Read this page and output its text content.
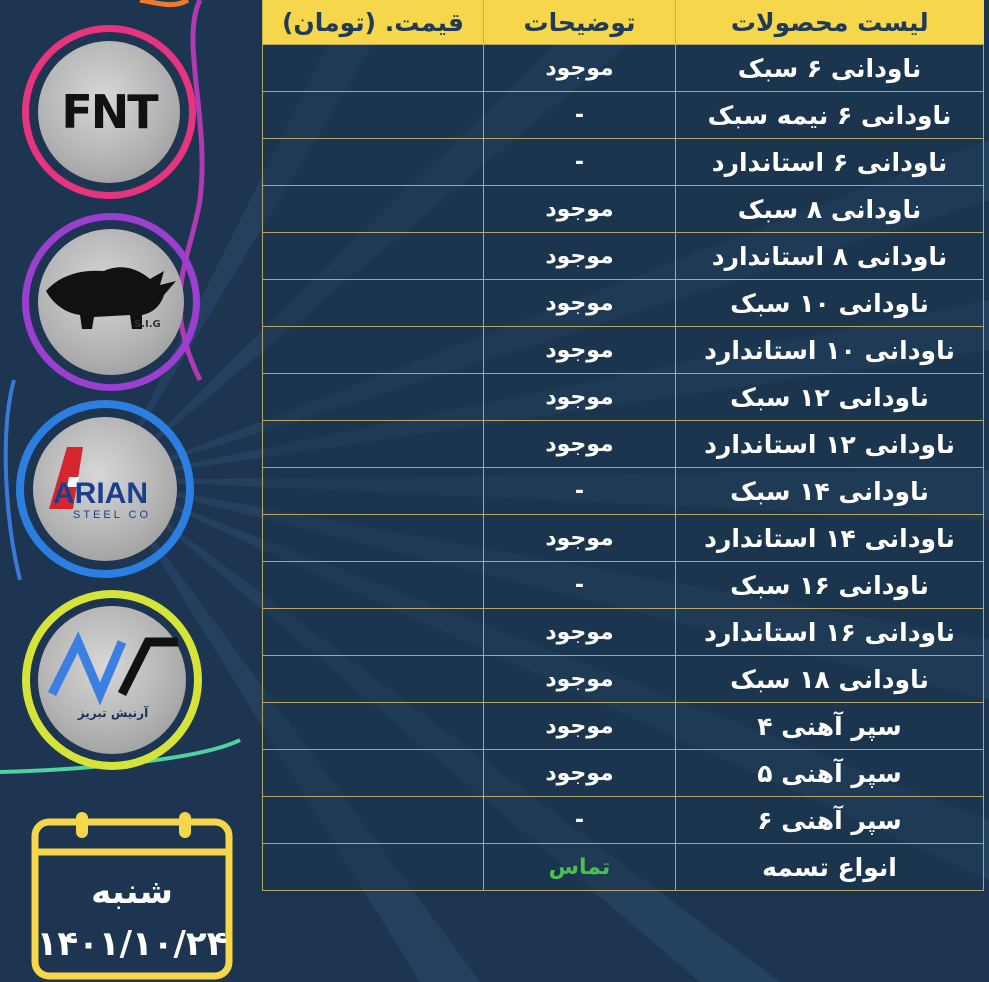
لیست محصولات	توضیحات	قیمت. (تومان)
ناودانی ۶ سبک	موجود	
ناودانی ۶ نیمه سبک	-	
ناودانی ۶ استاندارد	-	
ناودانی ۸ سبک	موجود	
ناودانی ۸ استاندارد	موجود	
ناودانی ۱۰ سبک	موجود	
ناودانی ۱۰ استاندارد	موجود	
ناودانی ۱۲ سبک	موجود	
ناودانی ۱۲ استاندارد	موجود	
ناودانی ۱۴ سبک	-	
ناودانی ۱۴ استاندارد	موجود	
ناودانی ۱۶ سبک	-	
ناودانی ۱۶ استاندارد	موجود	
ناودانی ۱۸ سبک	موجود	
سپر آهنی ۴	موجود	
سپر آهنی ۵	موجود	
سپر آهنی ۶	-	
انواع تسمه	تماس	
FNT
S.I.G
ARIAN
STEEL CO
آرنیش تبریز
شنبه
۱۴۰۱/۱۰/۲۴
